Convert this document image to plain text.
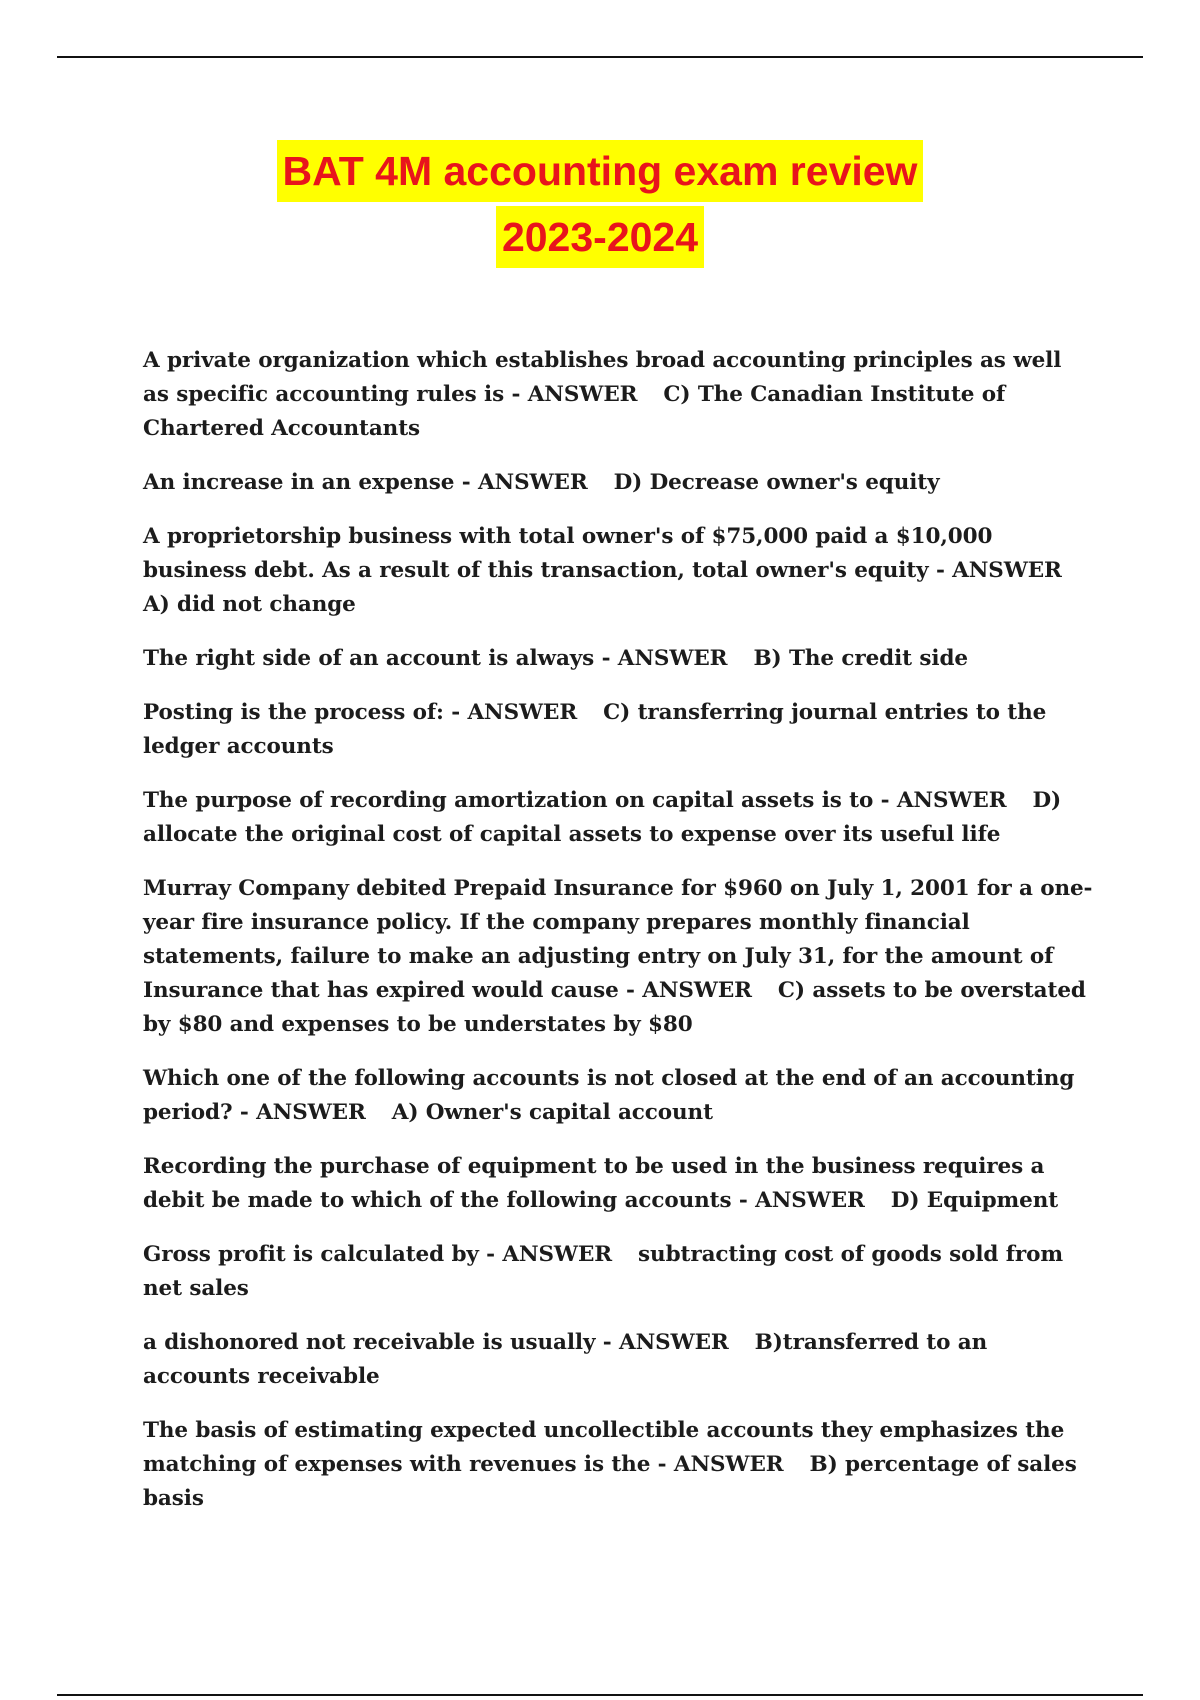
BAT 4M accounting exam review
2023-2024

A private organization which establishes broad accounting principles as well as specific accounting rules is - ANSWER C) The Canadian Institute of Chartered Accountants

An increase in an expense - ANSWER D) Decrease owner's equity

A proprietorship business with total owner's of $75,000 paid a $10,000 business debt. As a result of this transaction, total owner's equity - ANSWERA) did not change

The right side of an account is always - ANSWER B) The credit side

Posting is the process of: - ANSWER C) transferring journal entries to the ledger accounts

The purpose of recording amortization on capital assets is to - ANSWER D) allocate the original cost of capital assets to expense over its useful life

Murray Company debited Prepaid Insurance for $960 on July 1, 2001 for a one-year fire insurance policy. If the company prepares monthly financial statements, failure to make an adjusting entry on July 31, for the amount of Insurance that has expired would cause - ANSWER C) assets to be overstated by $80 and expenses to be understates by $80

Which one of the following accounts is not closed at the end of an accounting period? - ANSWER A) Owner's capital account

Recording the purchase of equipment to be used in the business requires a debit be made to which of the following accounts - ANSWER D) Equipment

Gross profit is calculated by - ANSWER subtracting cost of goods sold from net sales

a dishonored not receivable is usually - ANSWER B)transferred to an accounts receivable

The basis of estimating expected uncollectible accounts they emphasizes the matching of expenses with revenues is the - ANSWER B) percentage of sales basis
